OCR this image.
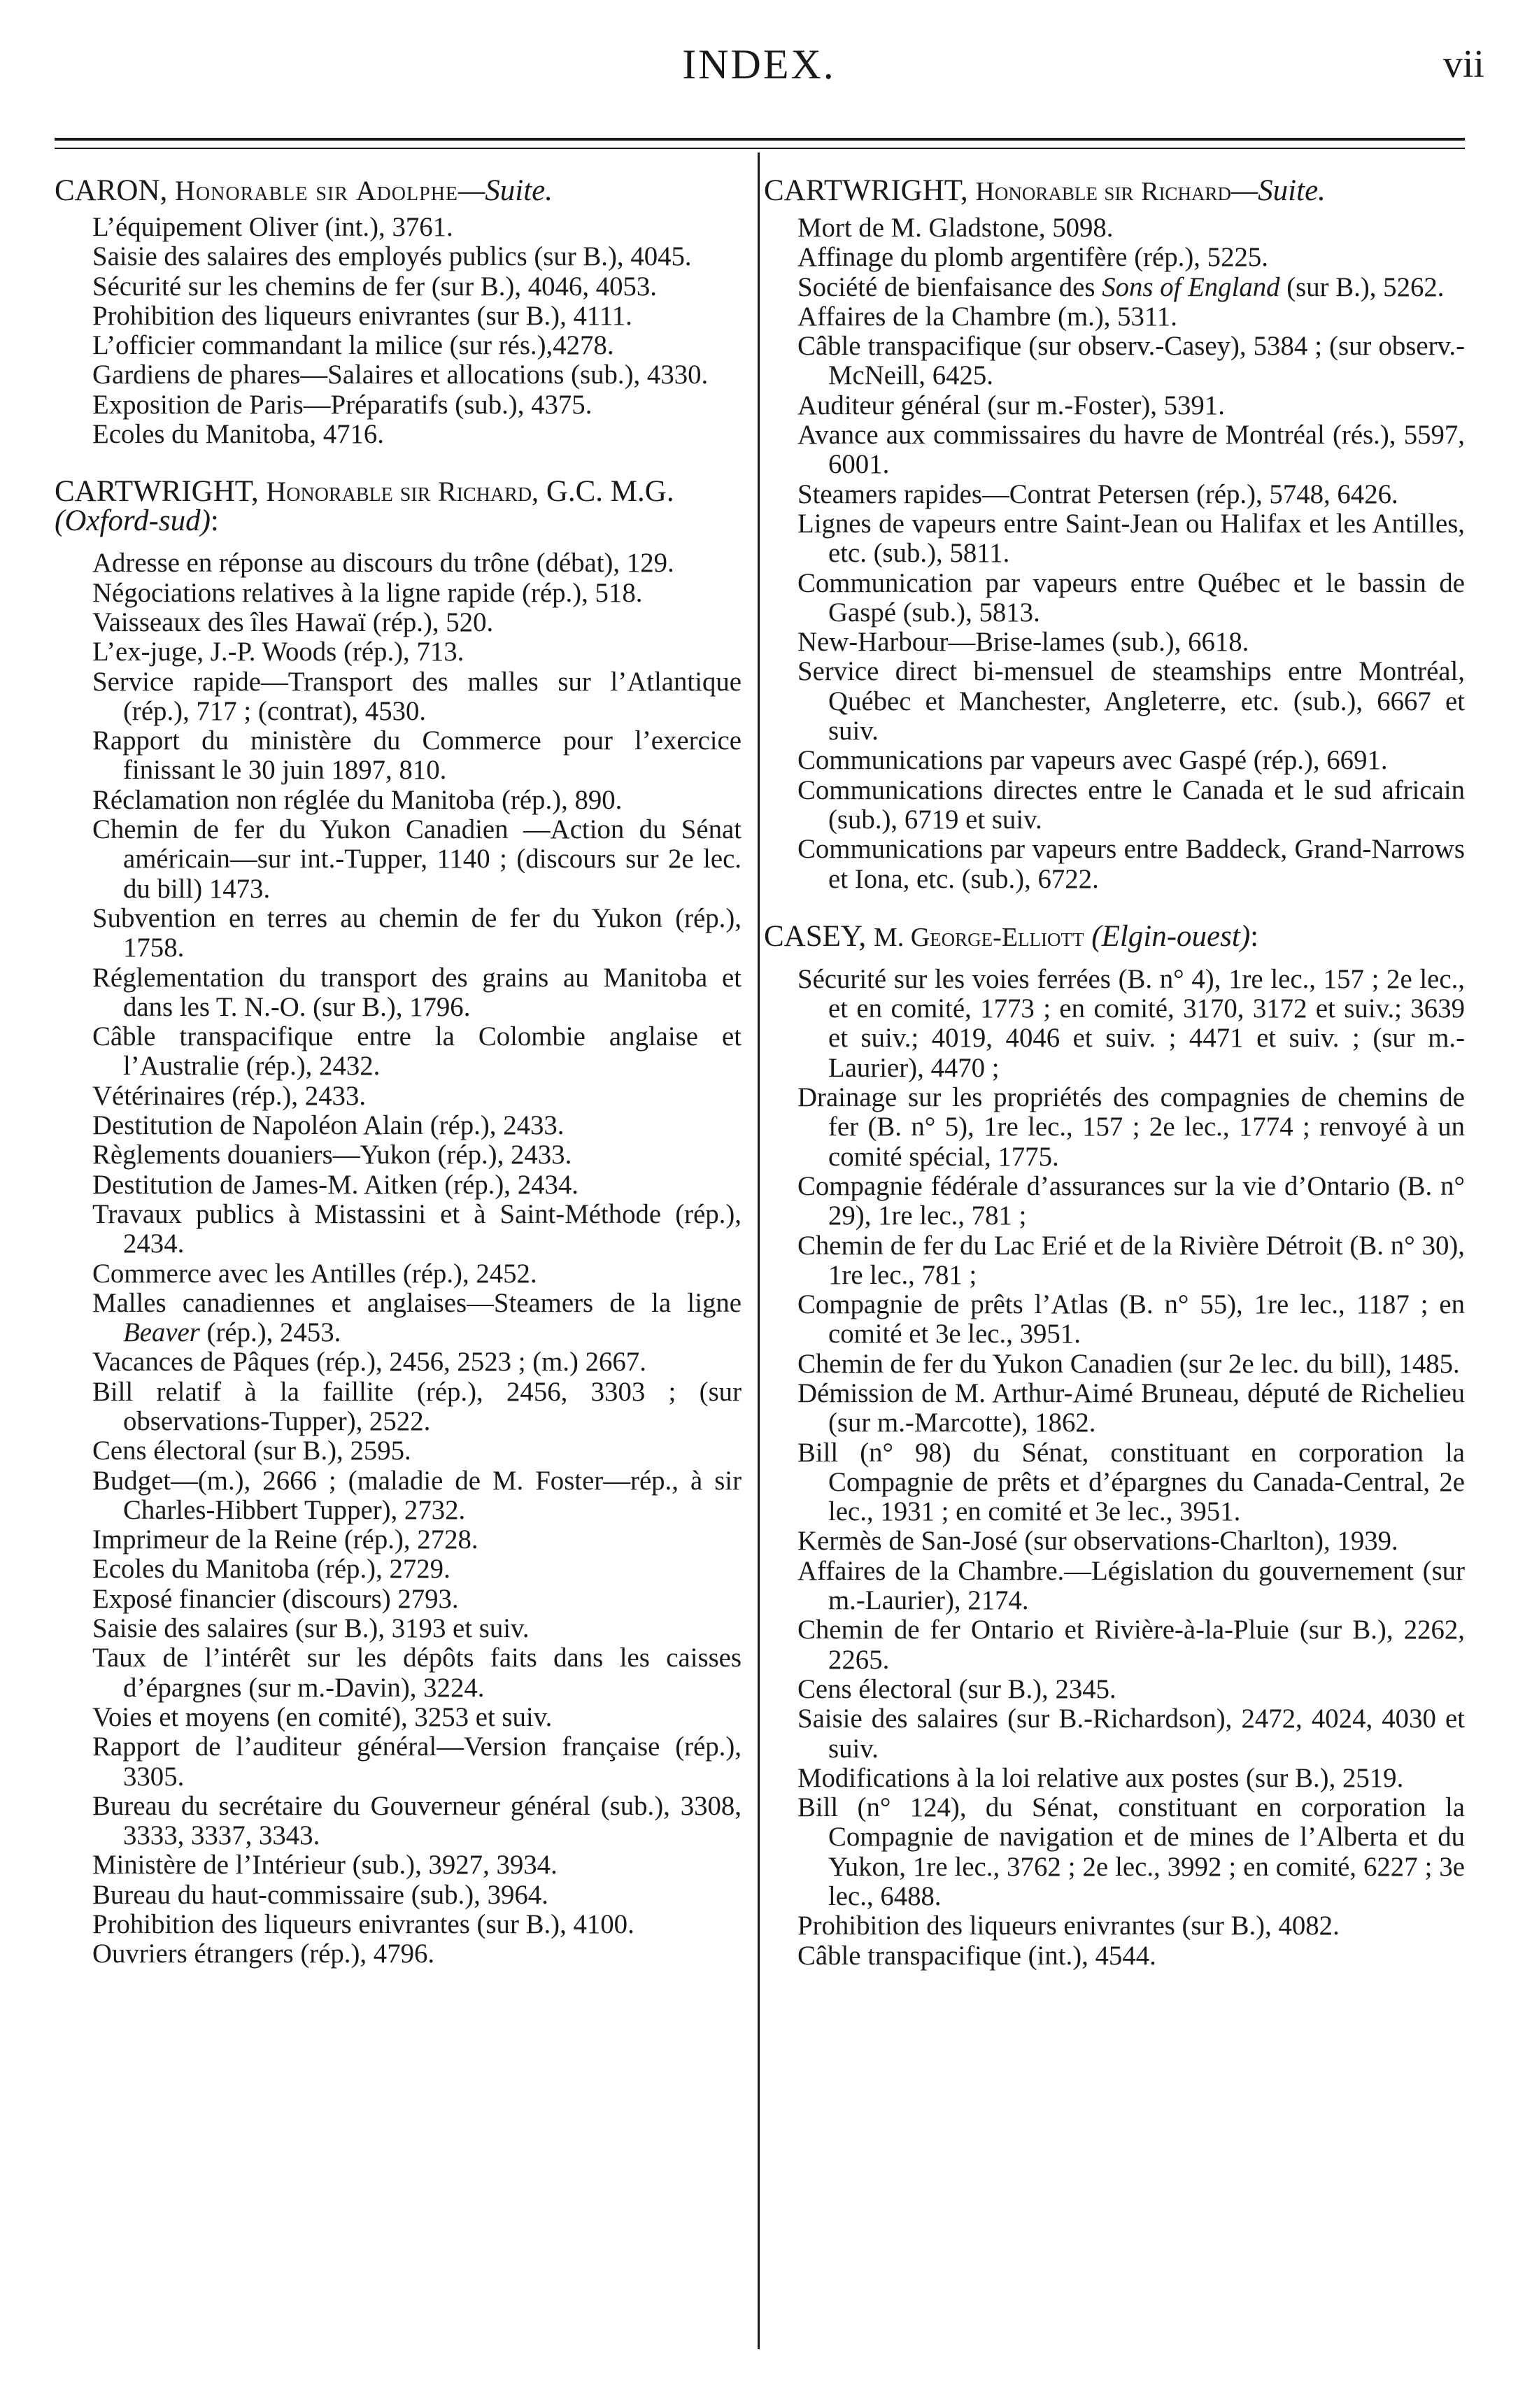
INDEX.	vii
CARON, Honorable sir Adolphe—Suite.

L’équipement Oliver (int.), 3761.

Saisie des salaires des employés publics (sur B.), 4045.

Sécurité sur les chemins de fer (sur B.), 4046, 4053.

Prohibition des liqueurs enivrantes (sur B.), 4111.

L’officier commandant la milice (sur rés.),4278.

Gardiens de phares—Salaires et allocations (sub.), 4330.

Exposition de Paris—Préparatifs (sub.), 4375.

Ecoles du Manitoba, 4716.

CARTWRIGHT, Honorable sir Richard, G.C. M.G. (Oxford-sud):

Adresse en réponse au discours du trône (débat), 129.

Négociations relatives à la ligne rapide (rép.), 518.

Vaisseaux des îles Hawaï (rép.), 520.

L’ex-juge, J.-P. Woods (rép.), 713.

Service rapide—Transport des malles sur l’Atlantique (rép.), 717 ; (contrat), 4530.

Rapport du ministère du Commerce pour l’exercice finissant le 30 juin 1897, 810.

Réclamation non réglée du Manitoba (rép.), 890.

Chemin de fer du Yukon Canadien —Action du Sénat américain—sur int.-Tupper, 1140 ; (discours sur 2e lec. du bill) 1473.

Subvention en terres au chemin de fer du Yukon (rép.), 1758.

Réglementation du transport des grains au Manitoba et dans les T. N.-O. (sur B.), 1796.

Câble transpacifique entre la Colombie anglaise et l’Australie (rép.), 2432.

Vétérinaires (rép.), 2433.

Destitution de Napoléon Alain (rép.), 2433.

Règlements douaniers—Yukon (rép.), 2433.

Destitution de James-M. Aitken (rép.), 2434.

Travaux publics à Mistassini et à Saint-Méthode (rép.), 2434.

Commerce avec les Antilles (rép.), 2452.

Malles canadiennes et anglaises—Steamers de la ligne Beaver (rép.), 2453.

Vacances de Pâques (rép.), 2456, 2523 ; (m.) 2667.

Bill relatif à la faillite (rép.), 2456, 3303 ; (sur observations-Tupper), 2522.

Cens électoral (sur B.), 2595.

Budget—(m.), 2666 ; (maladie de M. Foster—rép., à sir Charles-Hibbert Tupper), 2732.

Imprimeur de la Reine (rép.), 2728.

Ecoles du Manitoba (rép.), 2729.

Exposé financier (discours) 2793.

Saisie des salaires (sur B.), 3193 et suiv.

Taux de l’intérêt sur les dépôts faits dans les caisses d’épargnes (sur m.-Davin), 3224.

Voies et moyens (en comité), 3253 et suiv.

Rapport de l’auditeur général—Version française (rép.), 3305.

Bureau du secrétaire du Gouverneur général (sub.), 3308, 3333, 3337, 3343.

Ministère de l’Intérieur (sub.), 3927, 3934.

Bureau du haut-commissaire (sub.), 3964.

Prohibition des liqueurs enivrantes (sur B.), 4100.

Ouvriers étrangers (rép.), 4796.

CARTWRIGHT, Honorable sir Richard—Suite.

Mort de M. Gladstone, 5098.

Affinage du plomb argentifère (rép.), 5225.

Société de bienfaisance des Sons of England (sur B.), 5262.

Affaires de la Chambre (m.), 5311.

Câble transpacifique (sur observ.-Casey), 5384 ; (sur observ.-McNeill, 6425.

Auditeur général (sur m.-Foster), 5391.

Avance aux commissaires du havre de Montréal (rés.), 5597, 6001.

Steamers rapides—Contrat Petersen (rép.), 5748, 6426.

Lignes de vapeurs entre Saint-Jean ou Halifax et les Antilles, etc. (sub.), 5811.

Communication par vapeurs entre Québec et le bassin de Gaspé (sub.), 5813.

New-Harbour—Brise-lames (sub.), 6618.

Service direct bi-mensuel de steamships entre Montréal, Québec et Manchester, Angleterre, etc. (sub.), 6667 et suiv.

Communications par vapeurs avec Gaspé (rép.), 6691.

Communications directes entre le Canada et le sud africain (sub.), 6719 et suiv.

Communications par vapeurs entre Baddeck, Grand-Narrows et Iona, etc. (sub.), 6722.

CASEY, M. George-Elliott (Elgin-ouest):

Sécurité sur les voies ferrées (B. n° 4), 1re lec., 157 ; 2e lec., et en comité, 1773 ; en comité, 3170, 3172 et suiv.; 3639 et suiv.; 4019, 4046 et suiv. ; 4471 et suiv. ; (sur m.-Laurier), 4470 ;

Drainage sur les propriétés des compagnies de chemins de fer (B. n° 5), 1re lec., 157 ; 2e lec., 1774 ; renvoyé à un comité spécial, 1775.

Compagnie fédérale d’assurances sur la vie d’Ontario (B. n° 29), 1re lec., 781 ;

Chemin de fer du Lac Erié et de la Rivière Détroit (B. n° 30), 1re lec., 781 ;

Compagnie de prêts l’Atlas (B. n° 55), 1re lec., 1187 ; en comité et 3e lec., 3951.

Chemin de fer du Yukon Canadien (sur 2e lec. du bill), 1485.

Démission de M. Arthur-Aimé Bruneau, député de Richelieu (sur m.-Marcotte), 1862.

Bill (n° 98) du Sénat, constituant en corporation la Compagnie de prêts et d’épargnes du Canada-Central, 2e lec., 1931 ; en comité et 3e lec., 3951.

Kermès de San-José (sur observations-Charlton), 1939.

Affaires de la Chambre.—Législation du gouvernement (sur m.-Laurier), 2174.

Chemin de fer Ontario et Rivière-à-la-Pluie (sur B.), 2262, 2265.

Cens électoral (sur B.), 2345.

Saisie des salaires (sur B.-Richardson), 2472, 4024, 4030 et suiv.

Modifications à la loi relative aux postes (sur B.), 2519.

Bill (n° 124), du Sénat, constituant en corporation la Compagnie de navigation et de mines de l’Alberta et du Yukon, 1re lec., 3762 ; 2e lec., 3992 ; en comité, 6227 ; 3e lec., 6488.

Prohibition des liqueurs enivrantes (sur B.), 4082.

Câble transpacifique (int.), 4544.
